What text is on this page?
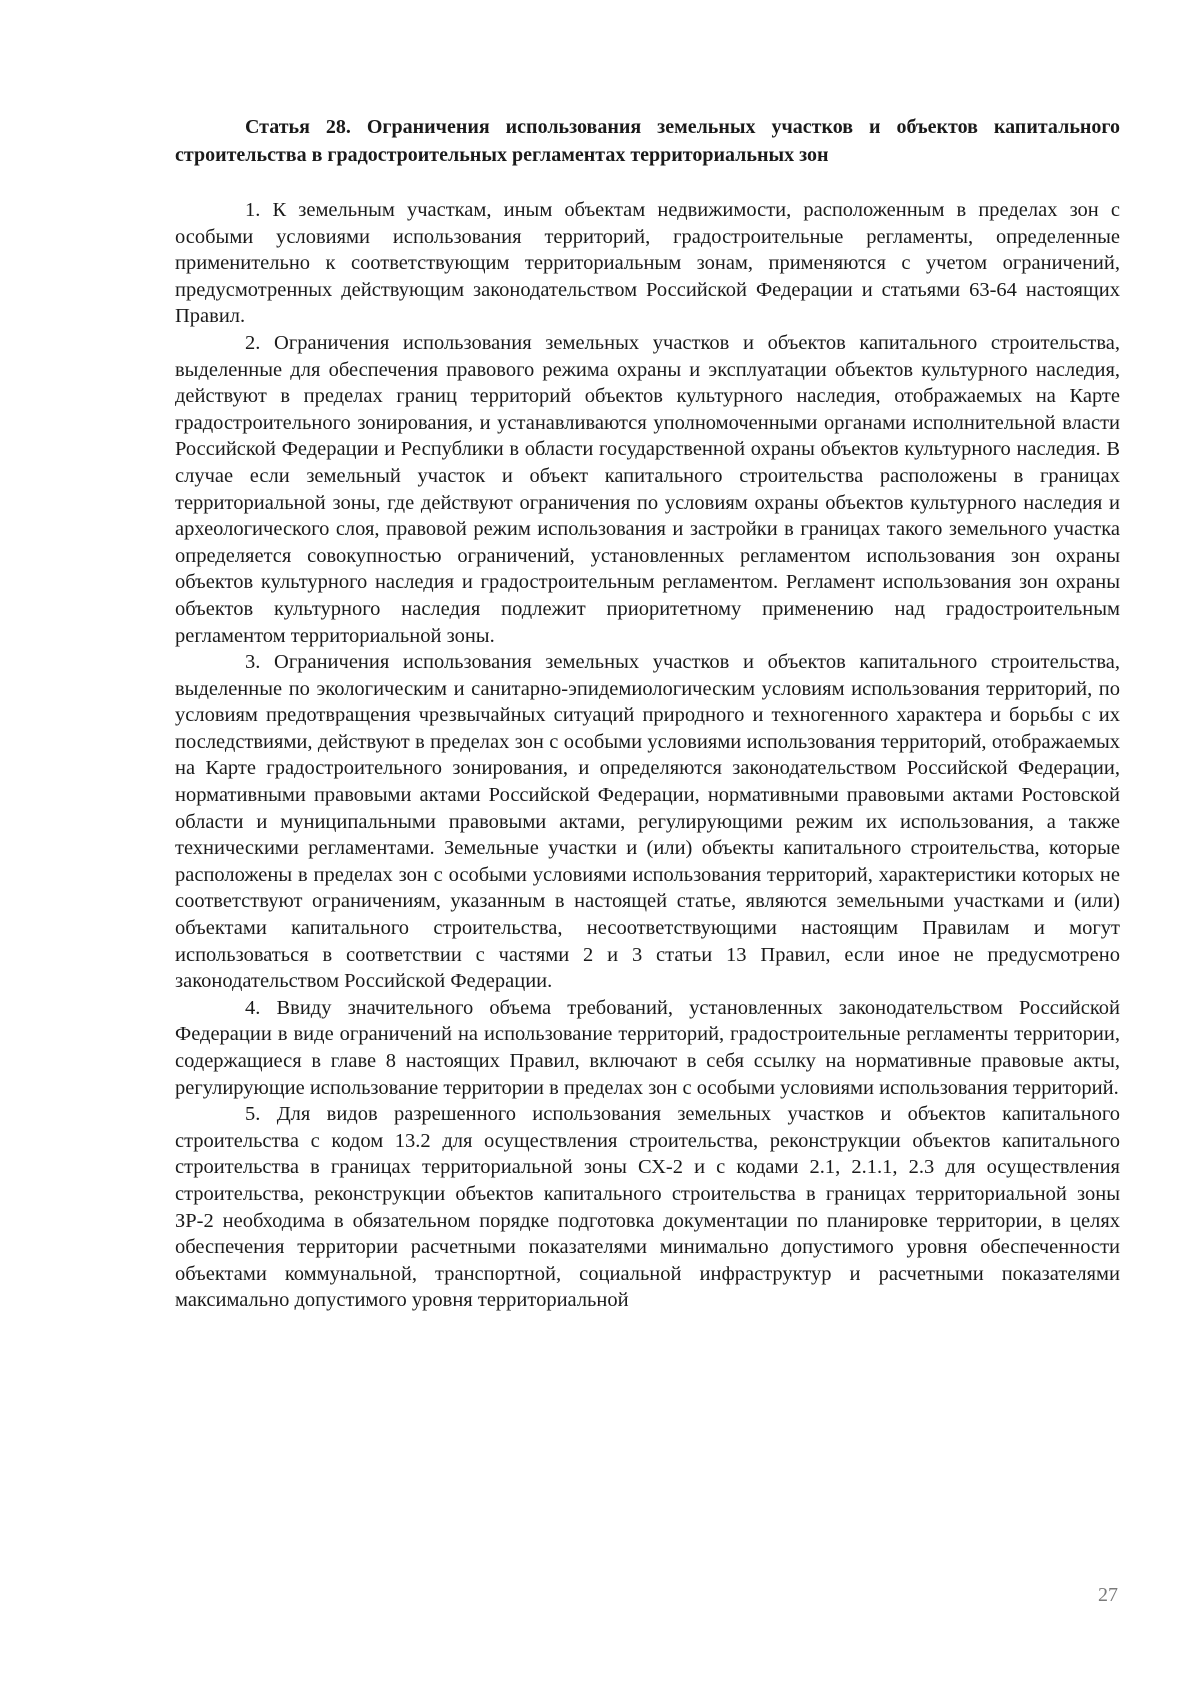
Статья 28. Ограничения использования земельных участков и объектов капитального строительства в градостроительных регламентах территориальных зон

1. К земельным участкам, иным объектам недвижимости, расположенным в пределах зон с особыми условиями использования территорий, градостроительные регламенты, определенные применительно к соответствующим территориальным зонам, применяются с учетом ограничений, предусмотренных действующим законодательством Российской Федерации и статьями 63-64 настоящих Правил.

2. Ограничения использования земельных участков и объектов капитального строительства, выделенные для обеспечения правового режима охраны и эксплуатации объектов культурного наследия, действуют в пределах границ территорий объектов культурного наследия, отображаемых на Карте градостроительного зонирования, и устанавливаются уполномоченными органами исполнительной власти Российской Федерации и Республики в области государственной охраны объектов культурного наследия. В случае если земельный участок и объект капитального строительства расположены в границах территориальной зоны, где действуют ограничения по условиям охраны объектов культурного наследия и археологического слоя, правовой режим использования и застройки в границах такого земельного участка определяется совокупностью ограничений, установленных регламентом использования зон охраны объектов культурного наследия и градостроительным регламентом. Регламент использования зон охраны объектов культурного наследия подлежит приоритетному применению над градостроительным регламентом территориальной зоны.

3. Ограничения использования земельных участков и объектов капитального строительства, выделенные по экологическим и санитарно-эпидемиологическим условиям использования территорий, по условиям предотвращения чрезвычайных ситуаций природного и техногенного характера и борьбы с их последствиями, действуют в пределах зон с особыми условиями использования территорий, отображаемых на Карте градостроительного зонирования, и определяются законодательством Российской Федерации, нормативными правовыми актами Российской Федерации, нормативными правовыми актами Ростовской области и муниципальными правовыми актами, регулирующими режим их использования, а также техническими регламентами. Земельные участки и (или) объекты капитального строительства, которые расположены в пределах зон с особыми условиями использования территорий, характеристики которых не соответствуют ограничениям, указанным в настоящей статье, являются земельными участками и (или) объектами капитального строительства, несоответствующими настоящим Правилам и могут использоваться в соответствии с частями 2 и 3 статьи 13 Правил, если иное не предусмотрено законодательством Российской Федерации.

4. Ввиду значительного объема требований, установленных законодательством Российской Федерации в виде ограничений на использование территорий, градостроительные регламенты территории, содержащиеся в главе 8 настоящих Правил, включают в себя ссылку на нормативные правовые акты, регулирующие использование территории в пределах зон с особыми условиями использования территорий.

5. Для видов разрешенного использования земельных участков и объектов капитального строительства с кодом 13.2 для осуществления строительства, реконструкции объектов капитального строительства в границах территориальной зоны СХ-2 и с кодами 2.1, 2.1.1, 2.3 для осуществления строительства, реконструкции объектов капитального строительства в границах территориальной зоны ЗР-2 необходима в обязательном порядке подготовка документации по планировке территории, в целях обеспечения территории расчетными показателями минимально допустимого уровня обеспеченности объектами коммунальной, транспортной, социальной инфраструктур и расчетными показателями максимально допустимого уровня территориальной

27
